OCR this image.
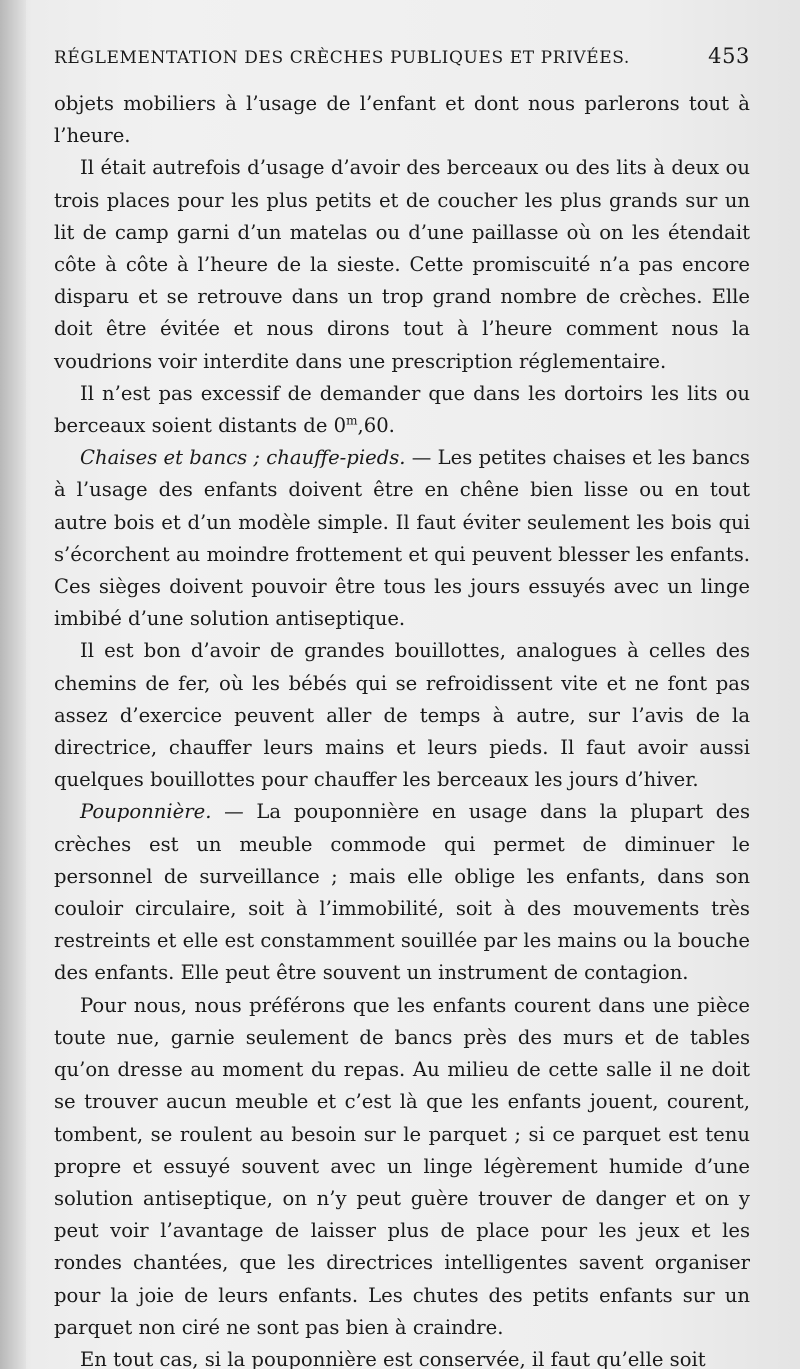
RÉGLEMENTATION DES CRÈCHES PUBLIQUES ET PRIVÉES.	453

objets mobiliers à l’usage de l’enfant et dont nous parlerons tout à l’heure.

Il était autrefois d’usage d’avoir des berceaux ou des lits à deux ou trois places pour les plus petits et de coucher les plus grands sur un lit de camp garni d’un matelas ou d’une paillasse où on les étendait côte à côte à l’heure de la sieste. Cette promiscuité n’a pas encore disparu et se retrouve dans un trop grand nombre de crèches. Elle doit être évitée et nous dirons tout à l’heure comment nous la voudrions voir interdite dans une prescription réglementaire.

Il n’est pas excessif de demander que dans les dortoirs les lits ou berceaux soient distants de 0$^m$,60.

Chaises et bancs ; chauffe-pieds. — Les petites chaises et les bancs à l’usage des enfants doivent être en chêne bien lisse ou en tout autre bois et d’un modèle simple. Il faut éviter seulement les bois qui s’écorchent au moindre frottement et qui peuvent blesser les enfants. Ces sièges doivent pouvoir être tous les jours essuyés avec un linge imbibé d’une solution antiseptique.

Il est bon d’avoir de grandes bouillottes, analogues à celles des chemins de fer, où les bébés qui se refroidissent vite et ne font pas assez d’exercice peuvent aller de temps à autre, sur l’avis de la directrice, chauffer leurs mains et leurs pieds. Il faut avoir aussi quelques bouillottes pour chauffer les berceaux les jours d’hiver.

Pouponnière. — La pouponnière en usage dans la plupart des crèches est un meuble commode qui permet de diminuer le personnel de surveillance ; mais elle oblige les enfants, dans son couloir circulaire, soit à l’immobilité, soit à des mouvements très restreints et elle est constamment souillée par les mains ou la bouche des enfants. Elle peut être souvent un instrument de contagion.

Pour nous, nous préférons que les enfants courent dans une pièce toute nue, garnie seulement de bancs près des murs et de tables qu’on dresse au moment du repas. Au milieu de cette salle il ne doit se trouver aucun meuble et c’est là que les enfants jouent, courent, tombent, se roulent au besoin sur le parquet ; si ce parquet est tenu propre et essuyé souvent avec un linge légèrement humide d’une solution antiseptique, on n’y peut guère trouver de danger et on y peut voir l’avantage de laisser plus de place pour les jeux et les rondes chantées, que les directrices intelligentes savent organiser pour la joie de leurs enfants. Les chutes des petits enfants sur un parquet non ciré ne sont pas bien à craindre.

En tout cas, si la pouponnière est conservée, il faut qu’elle soit
